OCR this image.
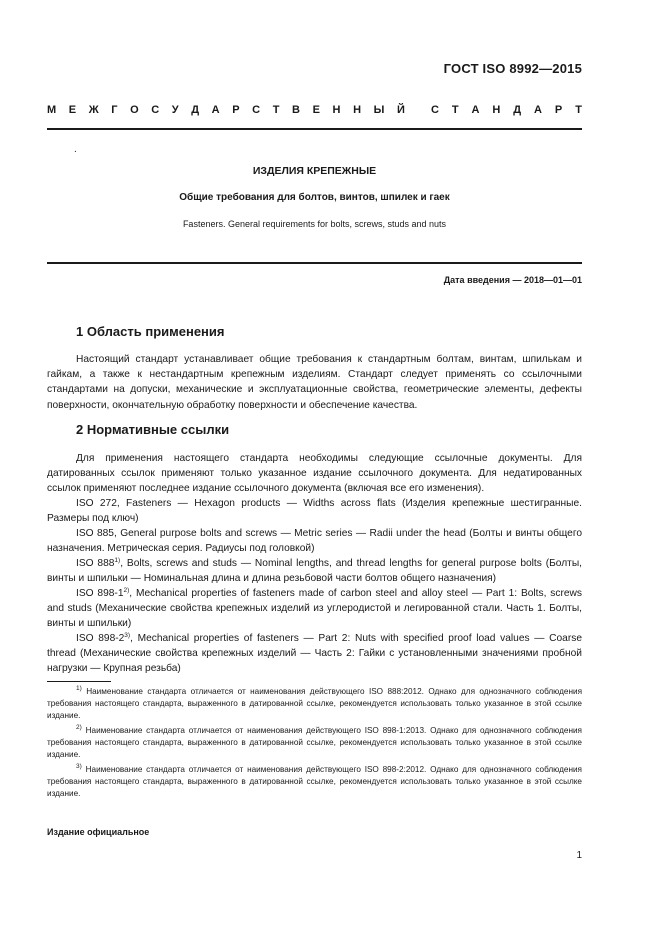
ГОСТ ISO 8992—2015
М Е Ж Г О С У Д А Р С Т В Е Н Н Ы Й С Т А Н Д А Р Т
.
ИЗДЕЛИЯ КРЕПЕЖНЫЕ
Общие требования для болтов, винтов, шпилек и гаек
Fasteners. General requirements for bolts, screws, studs and nuts
Дата введения — 2018—01—01
1 Область применения

Настоящий стандарт устанавливает общие требования к стандартным болтам, винтам, шпилькам и гайкам, а также к нестандартным крепежным изделиям. Стандарт следует применять со ссылочными стандартами на допуски, механические и эксплуатационные свойства, геометрические элементы, дефекты поверхности, окончательную обработку поверхности и обеспечение качества.

2 Нормативные ссылки

Для применения настоящего стандарта необходимы следующие ссылочные документы. Для датированных ссылок применяют только указанное издание ссылочного документа. Для недатированных ссылок применяют последнее издание ссылочного документа (включая все его изменения).

ISO 272, Fasteners — Hexagon products — Widths across flats (Изделия крепежные шестигранные. Размеры под ключ)

ISO 885, General purpose bolts and screws — Metric series — Radii under the head (Болты и винты общего назначения. Метрическая серия. Радиусы под головкой)

ISO 888$^{1)}$, Bolts, screws and studs — Nominal lengths, and thread lengths for general purpose bolts (Болты, винты и шпильки — Номинальная длина и длина резьбовой части болтов общего назначения)

ISO 898-1$^{2)}$, Mechanical properties of fasteners made of carbon steel and alloy steel — Part 1: Bolts, screws and studs (Механические свойства крепежных изделий из углеродистой и легированной стали. Часть 1. Болты, винты и шпильки)

ISO 898-2$^{3)}$, Mechanical properties of fasteners — Part 2: Nuts with specified proof load values — Coarse thread (Механические свойства крепежных изделий — Часть 2: Гайки с установленными значениями пробной нагрузки — Крупная резьба)

$^{1)}$ Наименование стандарта отличается от наименования действующего ISO 888:2012. Однако для однозначного соблюдения требования настоящего стандарта, выраженного в датированной ссылке, рекомендуется использовать только указанное в этой ссылке издание.

$^{2)}$ Наименование стандарта отличается от наименования действующего ISO 898-1:2013. Однако для однозначного соблюдения требования настоящего стандарта, выраженного в датированной ссылке, рекомендуется использовать только указанное в этой ссылке издание.

$^{3)}$ Наименование стандарта отличается от наименования действующего ISO 898-2:2012. Однако для однозначного соблюдения требования настоящего стандарта, выраженного в датированной ссылке, рекомендуется использовать только указанное в этой ссылке издание.

Издание официальное
1
